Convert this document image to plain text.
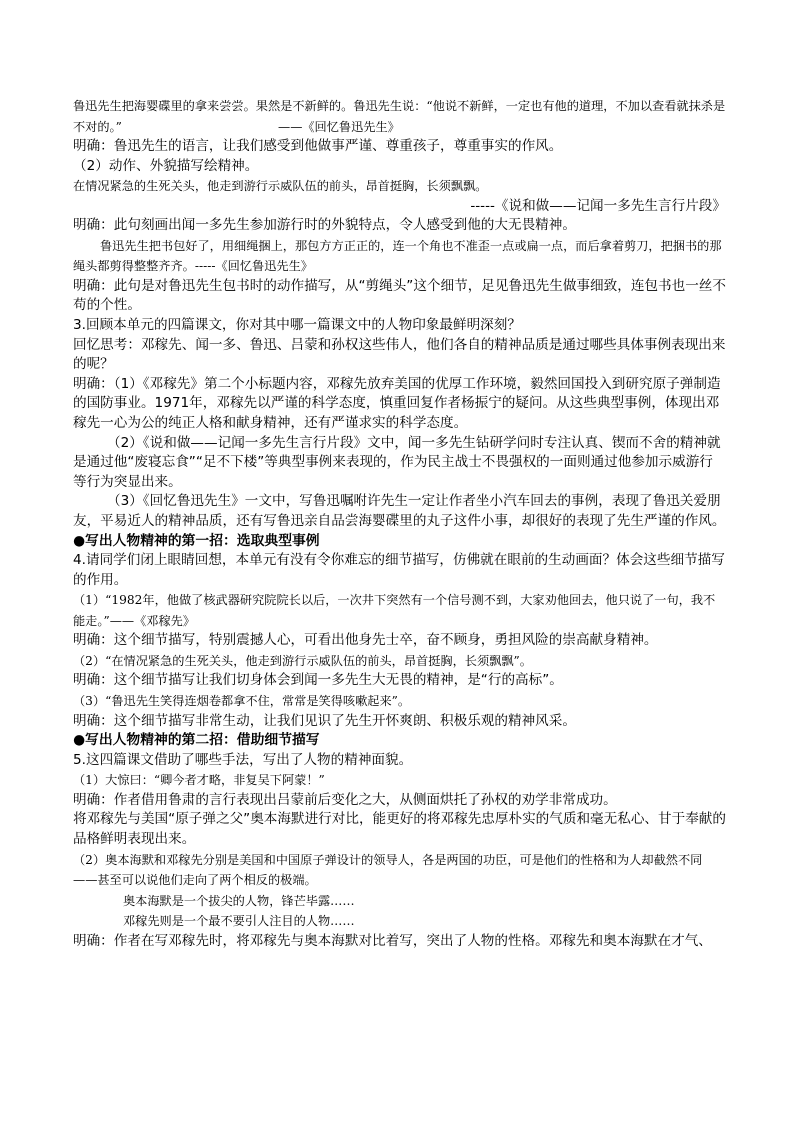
鲁迅先生把海婴碟里的拿来尝尝。果然是不新鲜的。鲁迅先生说：“他说不新鲜，一定也有他的道理，不加以查看就抹杀是不对的。”	——《回忆鲁迅先生》

明确：鲁迅先生的语言，让我们感受到他做事严谨、尊重孩子，尊重事实的作风。

（2）动作、外貌描写绘精神。

在情况紧急的生死关头，他走到游行示威队伍的前头，昂首挺胸，长须飘飘。

-----《说和做——记闻一多先生言行片段》

明确：此句刻画出闻一多先生参加游行时的外貌特点，令人感受到他的大无畏精神。

鲁迅先生把书包好了，用细绳捆上，那包方方正正的，连一个角也不准歪一点或扁一点，而后拿着剪刀，把捆书的那绳头都剪得整整齐齐。-----《回忆鲁迅先生》

明确：此句是对鲁迅先生包书时的动作描写，从“剪绳头”这个细节，足见鲁迅先生做事细致，连包书也一丝不苟的个性。

3.回顾本单元的四篇课文，你对其中哪一篇课文中的人物印象最鲜明深刻？

回忆思考：邓稼先、闻一多、鲁迅、吕蒙和孙权这些伟人，他们各自的精神品质是通过哪些具体事例表现出来的呢？

明确：（1）《邓稼先》第二个小标题内容，邓稼先放弃美国的优厚工作环境，毅然回国投入到研究原子弹制造的国防事业。1971年，邓稼先以严谨的科学态度，慎重回复作者杨振宁的疑问。从这些典型事例，体现出邓稼先一心为公的纯正人格和献身精神，还有严谨求实的科学态度。

（2）《说和做——记闻一多先生言行片段》文中，闻一多先生钻研学问时专注认真、锲而不舍的精神就是通过他“废寝忘食”“足不下楼”等典型事例来表现的，作为民主战士不畏强权的一面则通过他参加示威游行等行为突显出来。

（3）《回忆鲁迅先生》一文中，写鲁迅嘱咐许先生一定让作者坐小汽车回去的事例，表现了鲁迅关爱朋友，平易近人的精神品质，还有写鲁迅亲自品尝海婴碟里的丸子这件小事，却很好的表现了先生严谨的作风。

●写出人物精神的第一招：选取典型事例

4.请同学们闭上眼睛回想，本单元有没有令你难忘的细节描写，仿佛就在眼前的生动画面？体会这些细节描写的作用。

（1）“1982年，他做了核武器研究院院长以后，一次井下突然有一个信号测不到，大家劝他回去，他只说了一句，我不能走。”——《邓稼先》

明确：这个细节描写，特别震撼人心，可看出他身先士卒，奋不顾身，勇担风险的崇高献身精神。

（2）“在情况紧急的生死关头，他走到游行示威队伍的前头，昂首挺胸，长须飘飘”。

明确：这个细节描写让我们切身体会到闻一多先生大无畏的精神，是“行的高标”。

（3）“鲁迅先生笑得连烟卷都拿不住，常常是笑得咳嗽起来”。

明确：这个细节描写非常生动，让我们见识了先生开怀爽朗、积极乐观的精神风采。

●写出人物精神的第二招：借助细节描写

5.这四篇课文借助了哪些手法，写出了人物的精神面貌。

（1）大惊曰：“卿今者才略，非复吴下阿蒙！”

明确：作者借用鲁肃的言行表现出吕蒙前后变化之大，从侧面烘托了孙权的劝学非常成功。

将邓稼先与美国“原子弹之父”奥本海默进行对比，能更好的将邓稼先忠厚朴实的气质和毫无私心、甘于奉献的品格鲜明表现出来。

（2）奥本海默和邓稼先分别是美国和中国原子弹设计的领导人，各是两国的功臣，可是他们的性格和为人却截然不同——甚至可以说他们走向了两个相反的极端。

奥本海默是一个拔尖的人物，锋芒毕露……

邓稼先则是一个最不要引人注目的人物……

明确：作者在写邓稼先时，将邓稼先与奥本海默对比着写，突出了人物的性格。邓稼先和奥本海默在才气、
